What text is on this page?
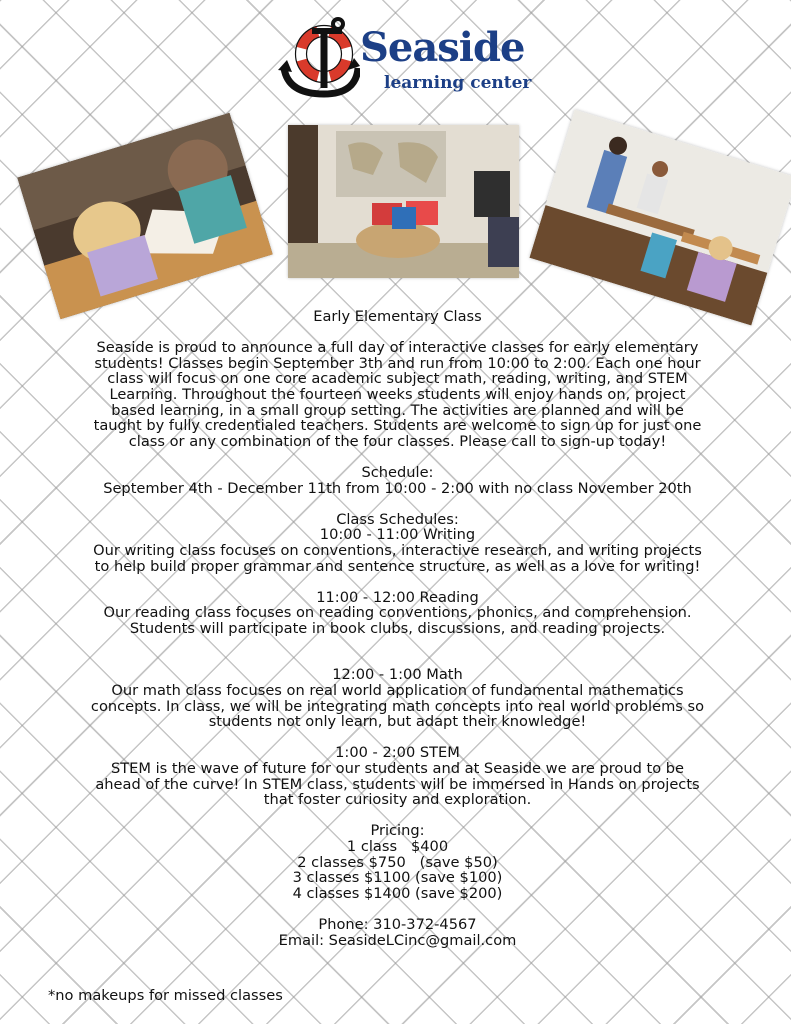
Seaside
learning center

Early Elementary Class

Seaside is proud to announce a full day of interactive classes for early elementary students! Classes begin September 3th and run from 10:00 to 2:00. Each one hour class will focus on one core academic subject math, reading, writing, and STEM Learning. Throughout the fourteen weeks students will enjoy hands on, project based learning, in a small group setting. The activities are planned and will be taught by fully credentialed teachers. Students are welcome to sign up for just one class or any combination of the four classes. Please call to sign-up today!

Schedule:

September 4th - December 11th from 10:00 - 2:00 with no class November 20th

Class Schedules:

10:00 - 11:00 Writing

Our writing class focuses on conventions, interactive research, and writing projects to help build proper grammar and sentence structure, as well as a love for writing!

11:00 - 12:00 Reading

Our reading class focuses on reading conventions, phonics, and comprehension. Students will participate in book clubs, discussions, and reading projects.

12:00 - 1:00 Math

Our math class focuses on real world application of fundamental mathematics concepts. In class, we will be integrating math concepts into real world problems so students not only learn, but adapt their knowledge!

1:00 - 2:00 STEM

STEM is the wave of future for our students and at Seaside we are proud to be ahead of the curve! In STEM class, students will be immersed in Hands on projects that foster curiosity and exploration.

Pricing:

1 class   $400

2 classes $750   (save $50)

3 classes $1100 (save $100)

4 classes $1400 (save $200)

Phone: 310-372-4567

Email: SeasideLCinc@gmail.com

*no makeups for missed classes
